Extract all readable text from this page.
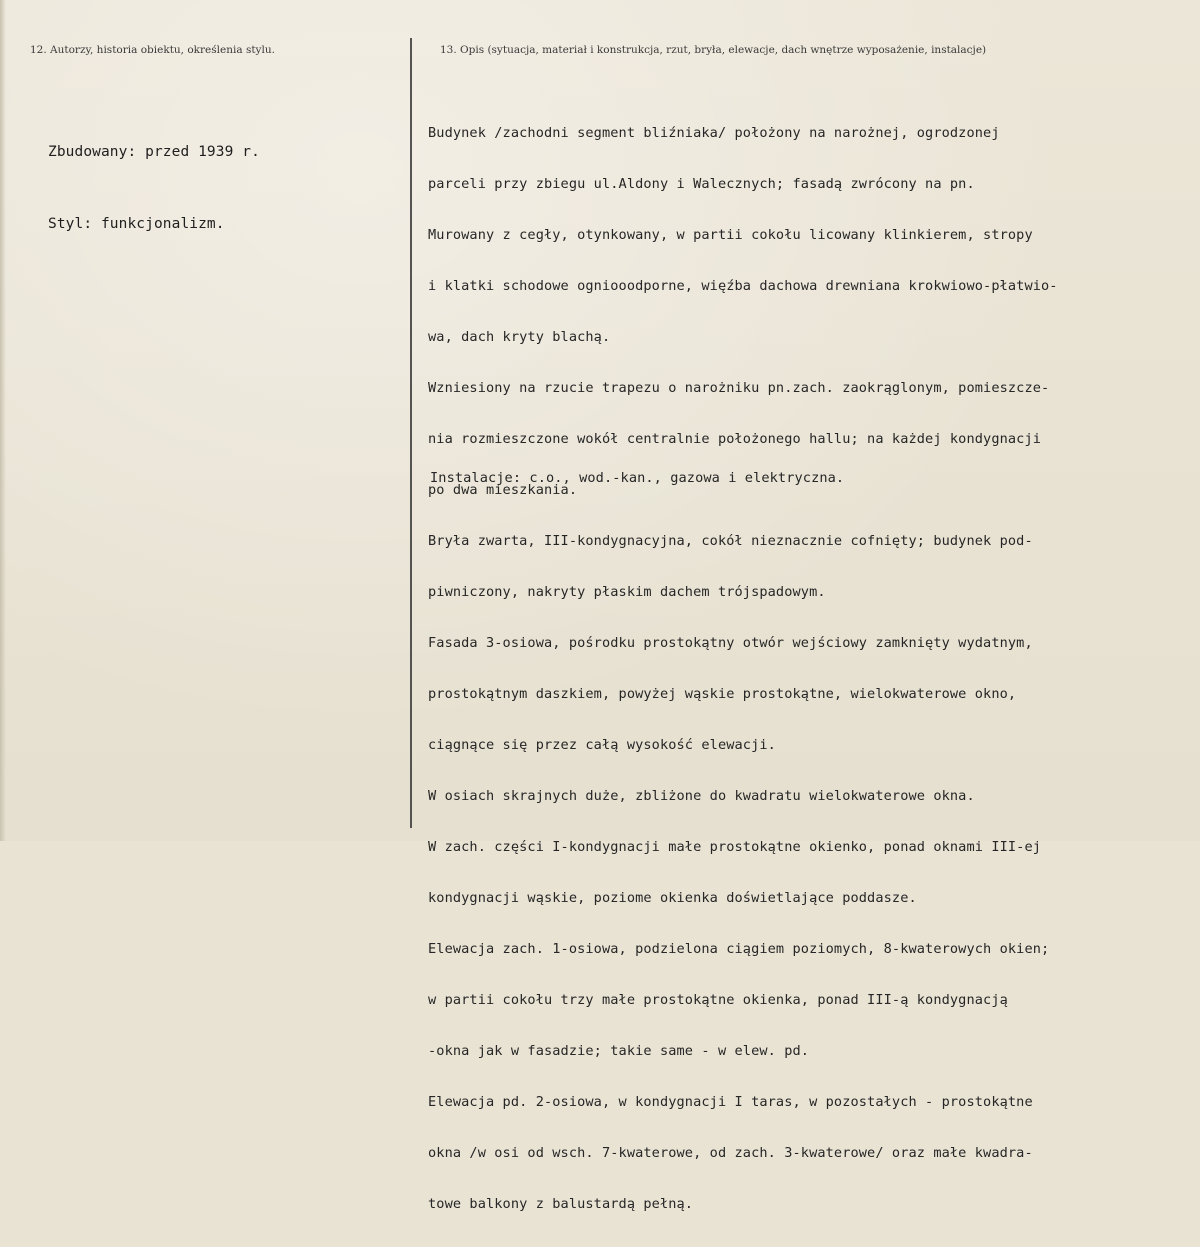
12. Autorzy, historia obiektu, określenia stylu.	13. Opis (sytuacja, materiał i konstrukcja, rzut, bryła, elewacje, dach wnętrze wyposażenie, instalacje)

Zbudowany: przed 1939 r.

Styl: funkcjonalizm.

Budynek /zachodni segment bliźniaka/ położony na narożnej, ogrodzonej

parceli przy zbiegu ul.Aldony i Walecznych; fasadą zwrócony na pn.

Murowany z cegły, otynkowany, w partii cokołu licowany klinkierem, stropy

i klatki schodowe ogniooodporne, więźba dachowa drewniana krokwiowo-płatwio-

wa, dach kryty blachą.

Wzniesiony na rzucie trapezu o narożniku pn.zach. zaokrąglonym, pomieszcze-

nia rozmieszczone wokół centralnie położonego hallu; na każdej kondygnacji

po dwa mieszkania.

Bryła zwarta, III-kondygnacyjna, cokół nieznacznie cofnięty; budynek pod-

piwniczony, nakryty płaskim dachem trójspadowym.

Fasada 3-osiowa, pośrodku prostokątny otwór wejściowy zamknięty wydatnym,

prostokątnym daszkiem, powyżej wąskie prostokątne, wielokwaterowe okno,

ciągnące się przez całą wysokość elewacji.

W osiach skrajnych duże, zbliżone do kwadratu wielokwaterowe okna.

W zach. części I-kondygnacji małe prostokątne okienko, ponad oknami III-ej

kondygnacji wąskie, poziome okienka doświetlające poddasze.

Elewacja zach. 1-osiowa, podzielona ciągiem poziomych, 8-kwaterowych okien;

w partii cokołu trzy małe prostokątne okienka, ponad III-ą kondygnacją

-okna jak w fasadzie; takie same - w elew. pd.

Elewacja pd. 2-osiowa, w kondygnacji I taras, w pozostałych - prostokątne

okna /w osi od wsch. 7-kwaterowe, od zach. 3-kwaterowe/ oraz małe kwadra-

towe balkony z balustardą pełną.

Instalacje: c.o., wod.-kan., gazowa i elektryczna.
